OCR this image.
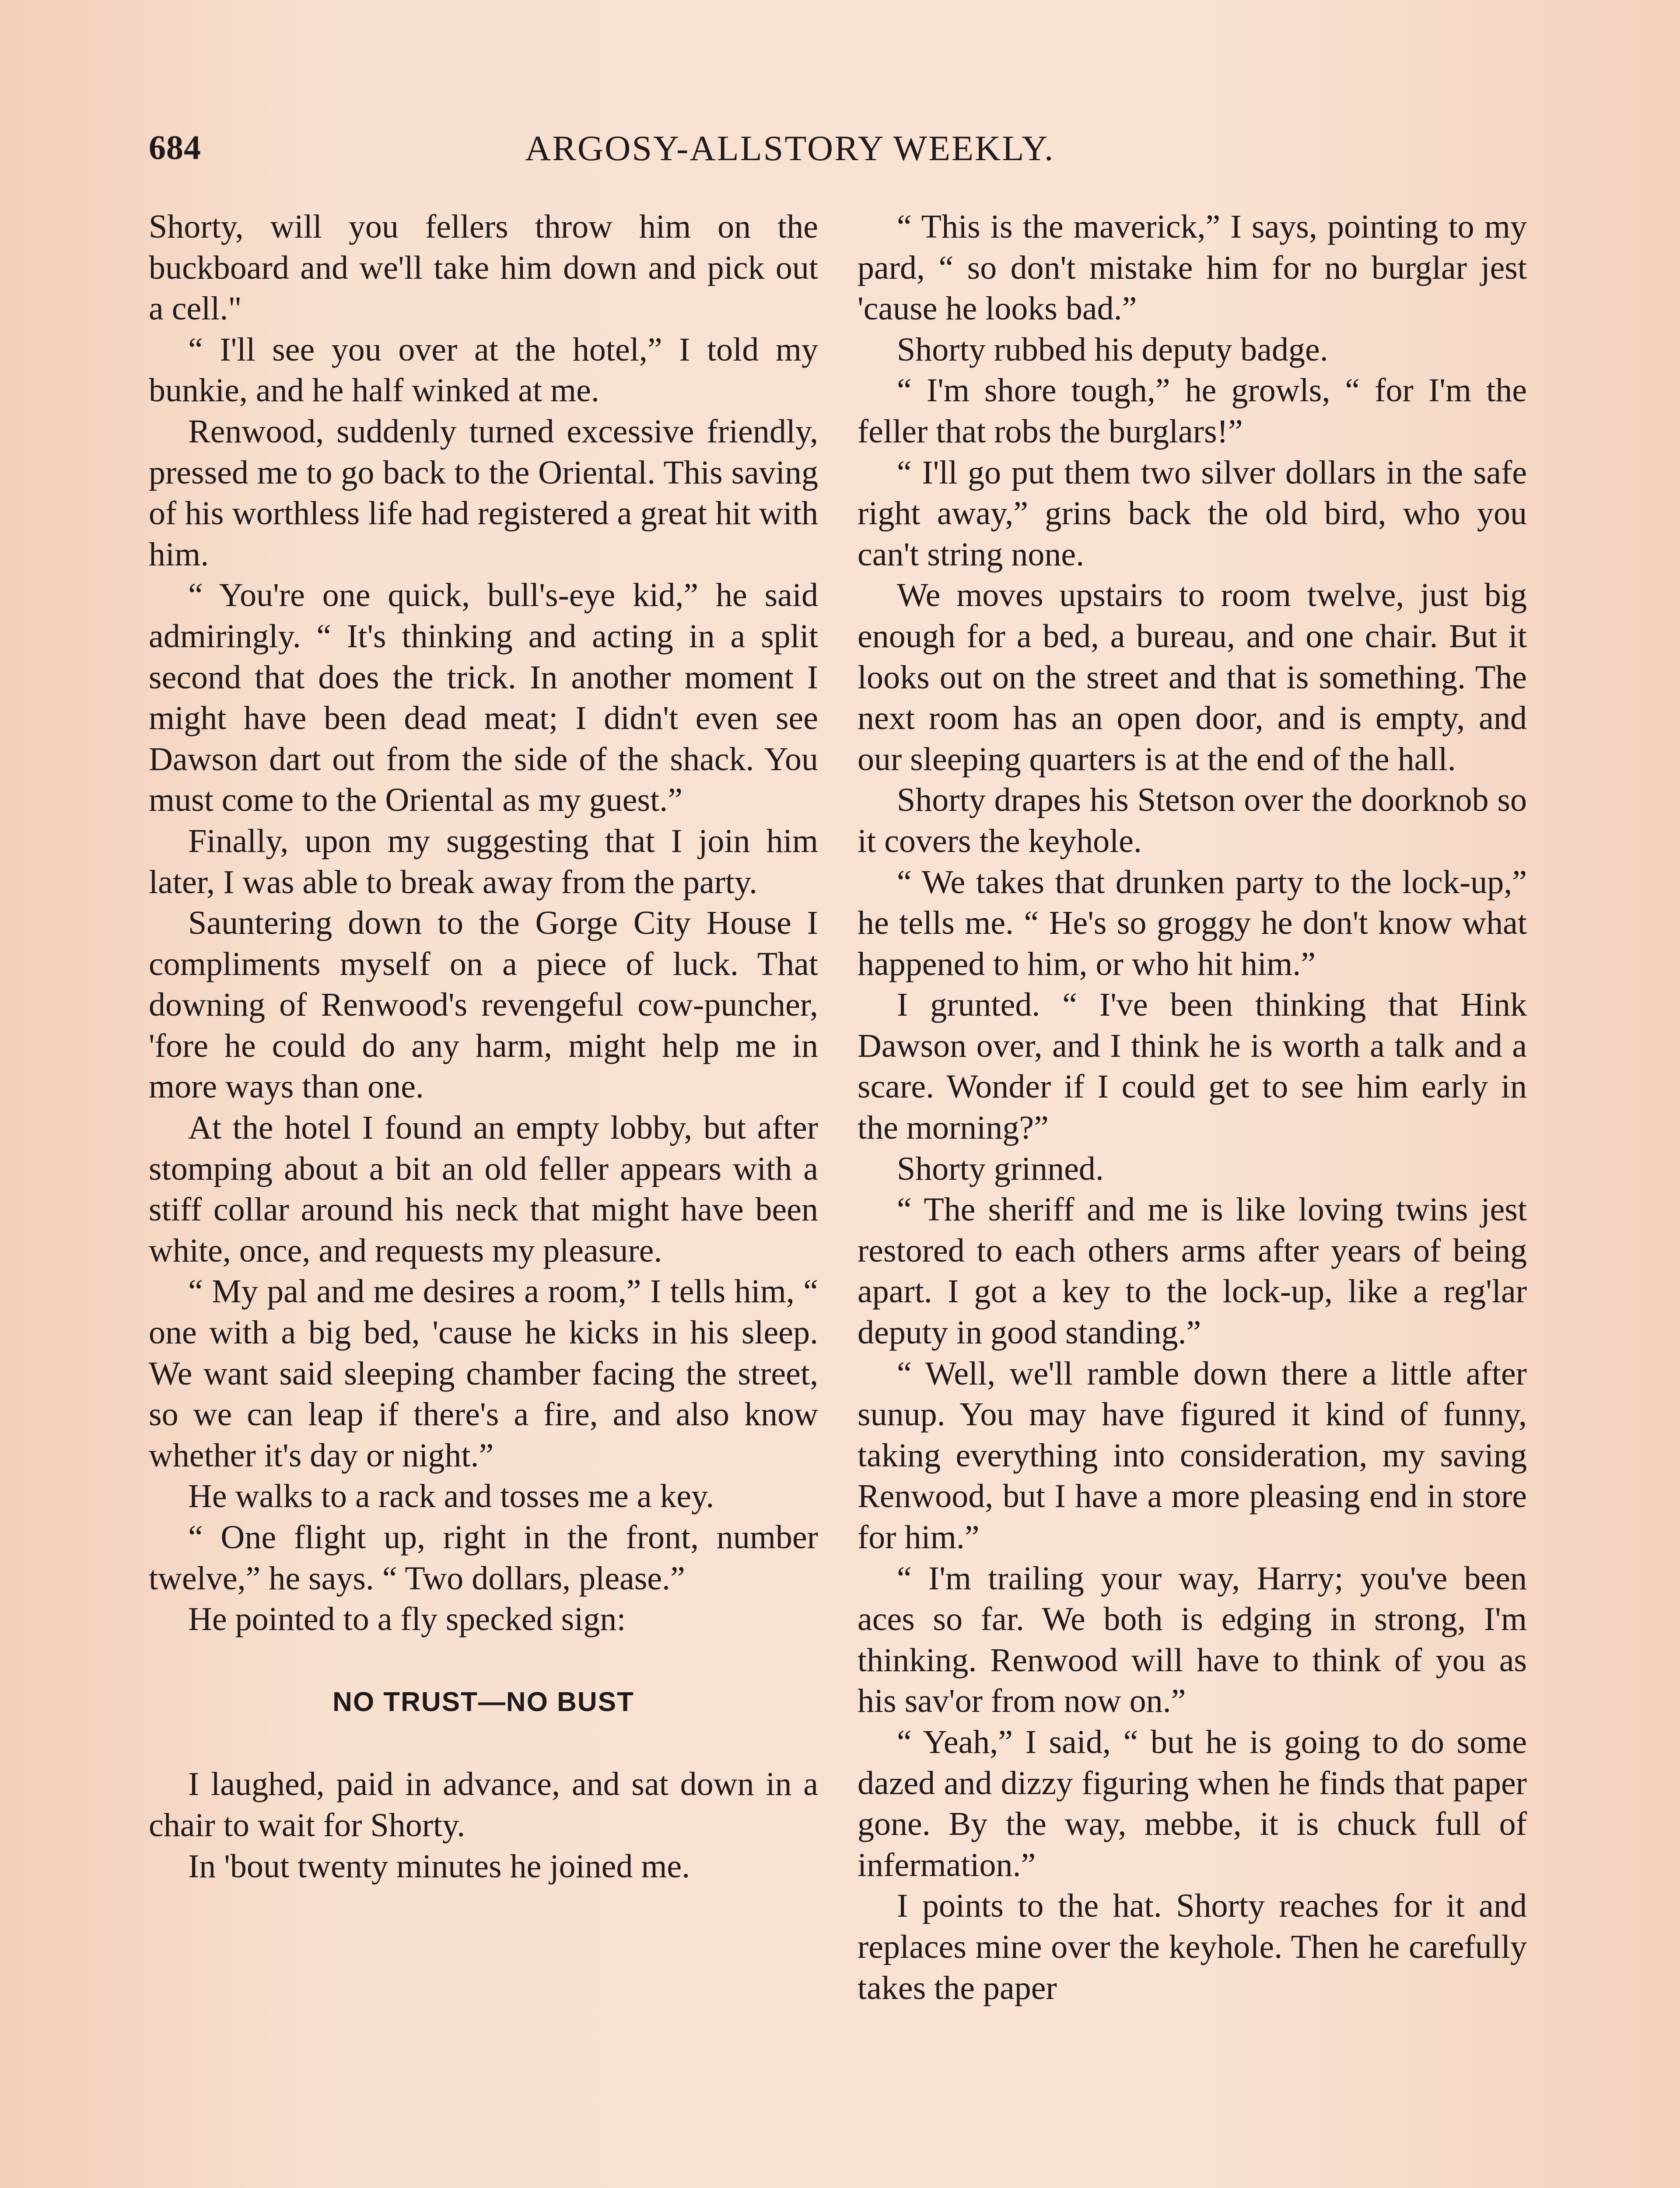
684	ARGOSY-ALLSTORY WEEKLY.

Shorty, will you fellers throw him on the buckboard and we'll take him down and pick out a cell."

“ I'll see you over at the hotel,” I told my bunkie, and he half winked at me.

Renwood, suddenly turned excessive friendly, pressed me to go back to the Oriental. This saving of his worthless life had registered a great hit with him.

“ You're one quick, bull's-eye kid,” he said admiringly. “ It's thinking and acting in a split second that does the trick. In another moment I might have been dead meat; I didn't even see Dawson dart out from the side of the shack. You must come to the Oriental as my guest.”

Finally, upon my suggesting that I join him later, I was able to break away from the party.

Sauntering down to the Gorge City House I compliments myself on a piece of luck. That downing of Renwood's revengeful cow-puncher, 'fore he could do any harm, might help me in more ways than one.

At the hotel I found an empty lobby, but after stomping about a bit an old feller appears with a stiff collar around his neck that might have been white, once, and requests my pleasure.

“ My pal and me desires a room,” I tells him, “ one with a big bed, 'cause he kicks in his sleep. We want said sleeping chamber facing the street, so we can leap if there's a fire, and also know whether it's day or night.”

He walks to a rack and tosses me a key.

“ One flight up, right in the front, number twelve,” he says. “ Two dollars, please.”

He pointed to a fly specked sign:

NO TRUST—NO BUST

I laughed, paid in advance, and sat down in a chair to wait for Shorty.

In 'bout twenty minutes he joined me.

“ This is the maverick,” I says, pointing to my pard, “ so don't mistake him for no burglar jest 'cause he looks bad.”

Shorty rubbed his deputy badge.

“ I'm shore tough,” he growls, “ for I'm the feller that robs the burglars!”

“ I'll go put them two silver dollars in the safe right away,” grins back the old bird, who you can't string none.

We moves upstairs to room twelve, just big enough for a bed, a bureau, and one chair. But it looks out on the street and that is something. The next room has an open door, and is empty, and our sleeping quarters is at the end of the hall.

Shorty drapes his Stetson over the doorknob so it covers the keyhole.

“ We takes that drunken party to the lock-up,” he tells me. “ He's so groggy he don't know what happened to him, or who hit him.”

I grunted. “ I've been thinking that Hink Dawson over, and I think he is worth a talk and a scare. Wonder if I could get to see him early in the morning?”

Shorty grinned.

“ The sheriff and me is like loving twins jest restored to each others arms after years of being apart. I got a key to the lock-up, like a reg'lar deputy in good standing.”

“ Well, we'll ramble down there a little after sunup. You may have figured it kind of funny, taking everything into consideration, my saving Renwood, but I have a more pleasing end in store for him.”

“ I'm trailing your way, Harry; you've been aces so far. We both is edging in strong, I'm thinking. Renwood will have to think of you as his sav'or from now on.”

“ Yeah,” I said, “ but he is going to do some dazed and dizzy figuring when he finds that paper gone. By the way, mebbe, it is chuck full of infermation.”

I points to the hat. Shorty reaches for it and replaces mine over the keyhole. Then he carefully takes the paper
